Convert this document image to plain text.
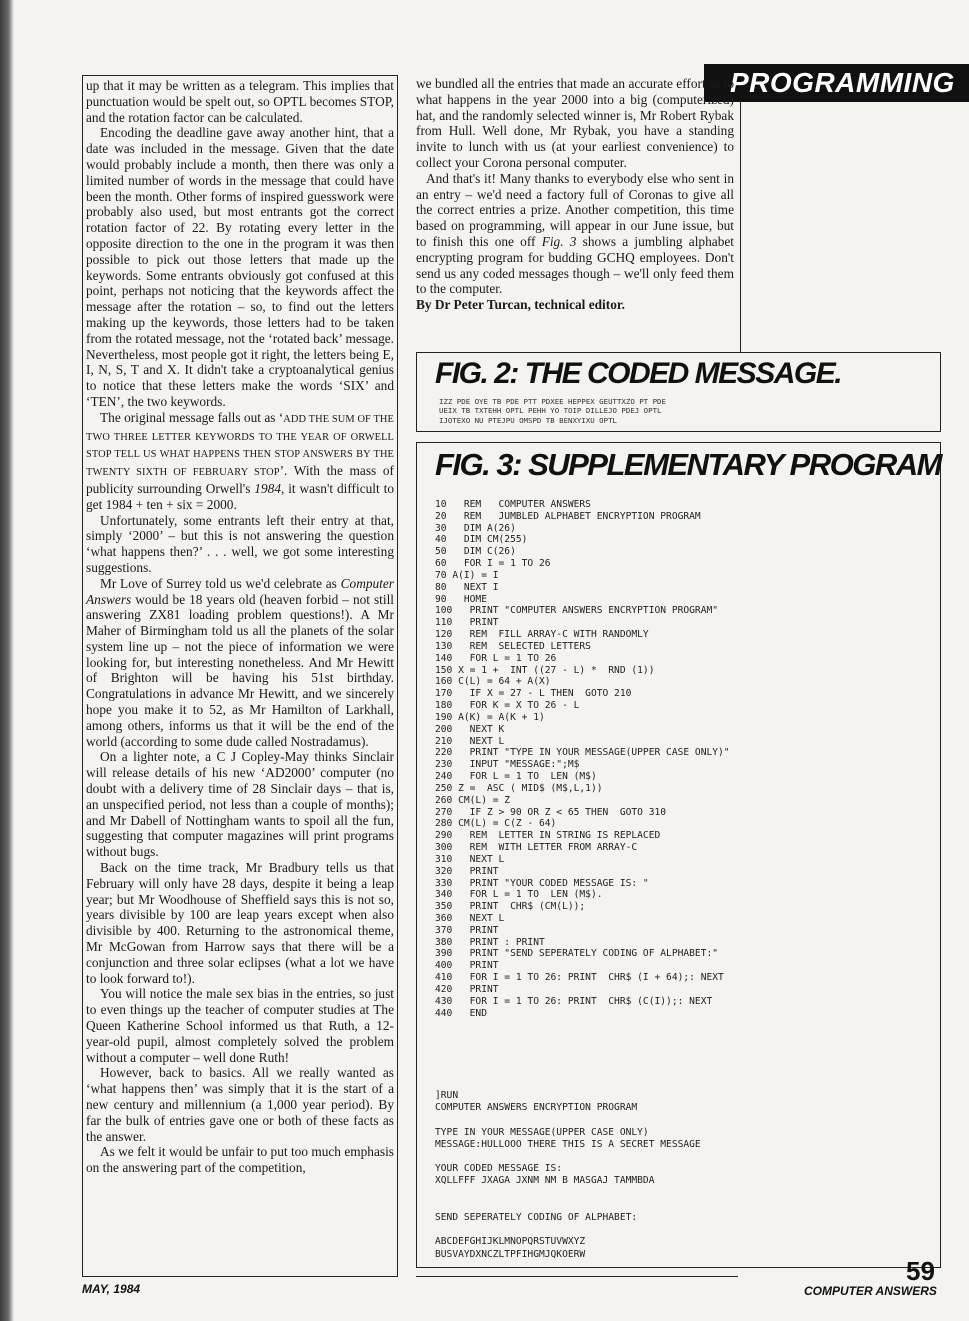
PROGRAMMING

up that it may be written as a telegram. This implies that punctuation would be spelt out, so OPTL becomes STOP, and the rotation factor can be calculated.

Encoding the deadline gave away another hint, that a date was included in the message. Given that the date would probably include a month, then there was only a limited number of words in the message that could have been the month. Other forms of inspired guesswork were probably also used, but most entrants got the correct rotation factor of 22. By rotating every letter in the opposite direction to the one in the program it was then possible to pick out those letters that made up the keywords. Some entrants obviously got confused at this point, perhaps not noticing that the keywords affect the message after the rotation – so, to find out the letters making up the keywords, those letters had to be taken from the rotated message, not the ‘rotated back’ message. Nevertheless, most people got it right, the letters being E, I, N, S, T and X. It didn't take a cryptoanalytical genius to notice that these letters make the words ‘SIX’ and ‘TEN’, the two keywords.

The original message falls out as ‘ADD THE SUM OF THE TWO THREE LETTER KEYWORDS TO THE YEAR OF ORWELL STOP TELL US WHAT HAPPENS THEN STOP ANSWERS BY THE TWENTY SIXTH OF FEBRUARY STOP’. With the mass of publicity surrounding Orwell's 1984, it wasn't difficult to get 1984 + ten + six = 2000.

Unfortunately, some entrants left their entry at that, simply ‘2000’ – but this is not answering the question ‘what happens then?’ . . . well, we got some interesting suggestions.

Mr Love of Surrey told us we'd celebrate as Computer Answers would be 18 years old (heaven forbid – not still answering ZX81 loading problem questions!). A Mr Maher of Birmingham told us all the planets of the solar system line up – not the piece of information we were looking for, but interesting nonetheless. And Mr Hewitt of Brighton will be having his 51st birthday. Congratulations in advance Mr Hewitt, and we sincerely hope you make it to 52, as Mr Hamilton of Larkhall, among others, informs us that it will be the end of the world (according to some dude called Nostradamus).

On a lighter note, a C J Copley-May thinks Sinclair will release details of his new ‘AD2000’ computer (no doubt with a delivery time of 28 Sinclair days – that is, an unspecified period, not less than a couple of months); and Mr Dabell of Nottingham wants to spoil all the fun, suggesting that computer magazines will print programs without bugs.

Back on the time track, Mr Bradbury tells us that February will only have 28 days, despite it being a leap year; but Mr Woodhouse of Sheffield says this is not so, years divisible by 100 are leap years except when also divisible by 400. Returning to the astronomical theme, Mr McGowan from Harrow says that there will be a conjunction and three solar eclipses (what a lot we have to look forward to!).

You will notice the male sex bias in the entries, so just to even things up the teacher of computer studies at The Queen Katherine School informed us that Ruth, a 12-year-old pupil, almost completely solved the problem without a computer – well done Ruth!

However, back to basics. All we really wanted as ‘what happens then’ was simply that it is the start of a new century and millennium (a 1,000 year period). By far the bulk of entries gave one or both of these facts as the answer.

As we felt it would be unfair to put too much emphasis on the answering part of the competition,

we bundled all the entries that made an accurate effort as to what happens in the year 2000 into a big (computerized) hat, and the randomly selected winner is, Mr Robert Rybak from Hull. Well done, Mr Rybak, you have a standing invite to lunch with us (at your earliest convenience) to collect your Corona personal computer.

And that's it! Many thanks to everybody else who sent in an entry – we'd need a factory full of Coronas to give all the correct entries a prize. Another competition, this time based on programming, will appear in our June issue, but to finish this one off Fig. 3 shows a jumbling alphabet encrypting program for budding GCHQ employees. Don't send us any coded messages though – we'll only feed them to the computer.

By Dr Peter Turcan, technical editor.

FIG. 2: THE CODED MESSAGE.
IZZ PDE OYE TB PDE PTT PDXEE HEPPEX GEUTTXZO PT PDE
UEIX TB TXTEHH OPTL PEHH YO TOIP DILLEJO PDEJ OPTL
IJOTEXO NU PTEJPU OMSPD TB BENXYIXU OPTL
FIG. 3: SUPPLEMENTARY PROGRAM
10   REM   COMPUTER ANSWERS
20   REM   JUMBLED ALPHABET ENCRYPTION PROGRAM
30   DIM A(26)
40   DIM CM(255)
50   DIM C(26)
60   FOR I = 1 TO 26
70 A(I) = I
80   NEXT I
90   HOME
100   PRINT "COMPUTER ANSWERS ENCRYPTION PROGRAM"
110   PRINT
120   REM  FILL ARRAY-C WITH RANDOMLY
130   REM  SELECTED LETTERS
140   FOR L = 1 TO 26
150 X = 1 +  INT ((27 - L) *  RND (1))
160 C(L) = 64 + A(X)
170   IF X = 27 - L THEN  GOTO 210
180   FOR K = X TO 26 - L
190 A(K) = A(K + 1)
200   NEXT K
210   NEXT L
220   PRINT "TYPE IN YOUR MESSAGE(UPPER CASE ONLY)"
230   INPUT "MESSAGE:";M$
240   FOR L = 1 TO  LEN (M$)
250 Z =  ASC ( MID$ (M$,L,1))
260 CM(L) = Z
270   IF Z > 90 OR Z < 65 THEN  GOTO 310
280 CM(L) = C(Z - 64)
290   REM  LETTER IN STRING IS REPLACED
300   REM  WITH LETTER FROM ARRAY-C
310   NEXT L
320   PRINT
330   PRINT "YOUR CODED MESSAGE IS: "
340   FOR L = 1 TO  LEN (M$).
350   PRINT  CHR$ (CM(L));
360   NEXT L
370   PRINT
380   PRINT : PRINT
390   PRINT "SEND SEPERATELY CODING OF ALPHABET:"
400   PRINT
410   FOR I = 1 TO 26: PRINT  CHR$ (I + 64);: NEXT
420   PRINT
430   FOR I = 1 TO 26: PRINT  CHR$ (C(I));: NEXT
440   END
]RUN
COMPUTER ANSWERS ENCRYPTION PROGRAM

TYPE IN YOUR MESSAGE(UPPER CASE ONLY)
MESSAGE:HULLOOO THERE THIS IS A SECRET MESSAGE

YOUR CODED MESSAGE IS:
XQLLFFF JXAGA JXNM NM B MASGAJ TAMMBDA

SEND SEPERATELY CODING OF ALPHABET:

ABCDEFGHIJKLMNOPQRSTUVWXYZ
BUSVAYDXNCZLTPFIHGMJQKOERW
59
MAY, 1984	COMPUTER ANSWERS
